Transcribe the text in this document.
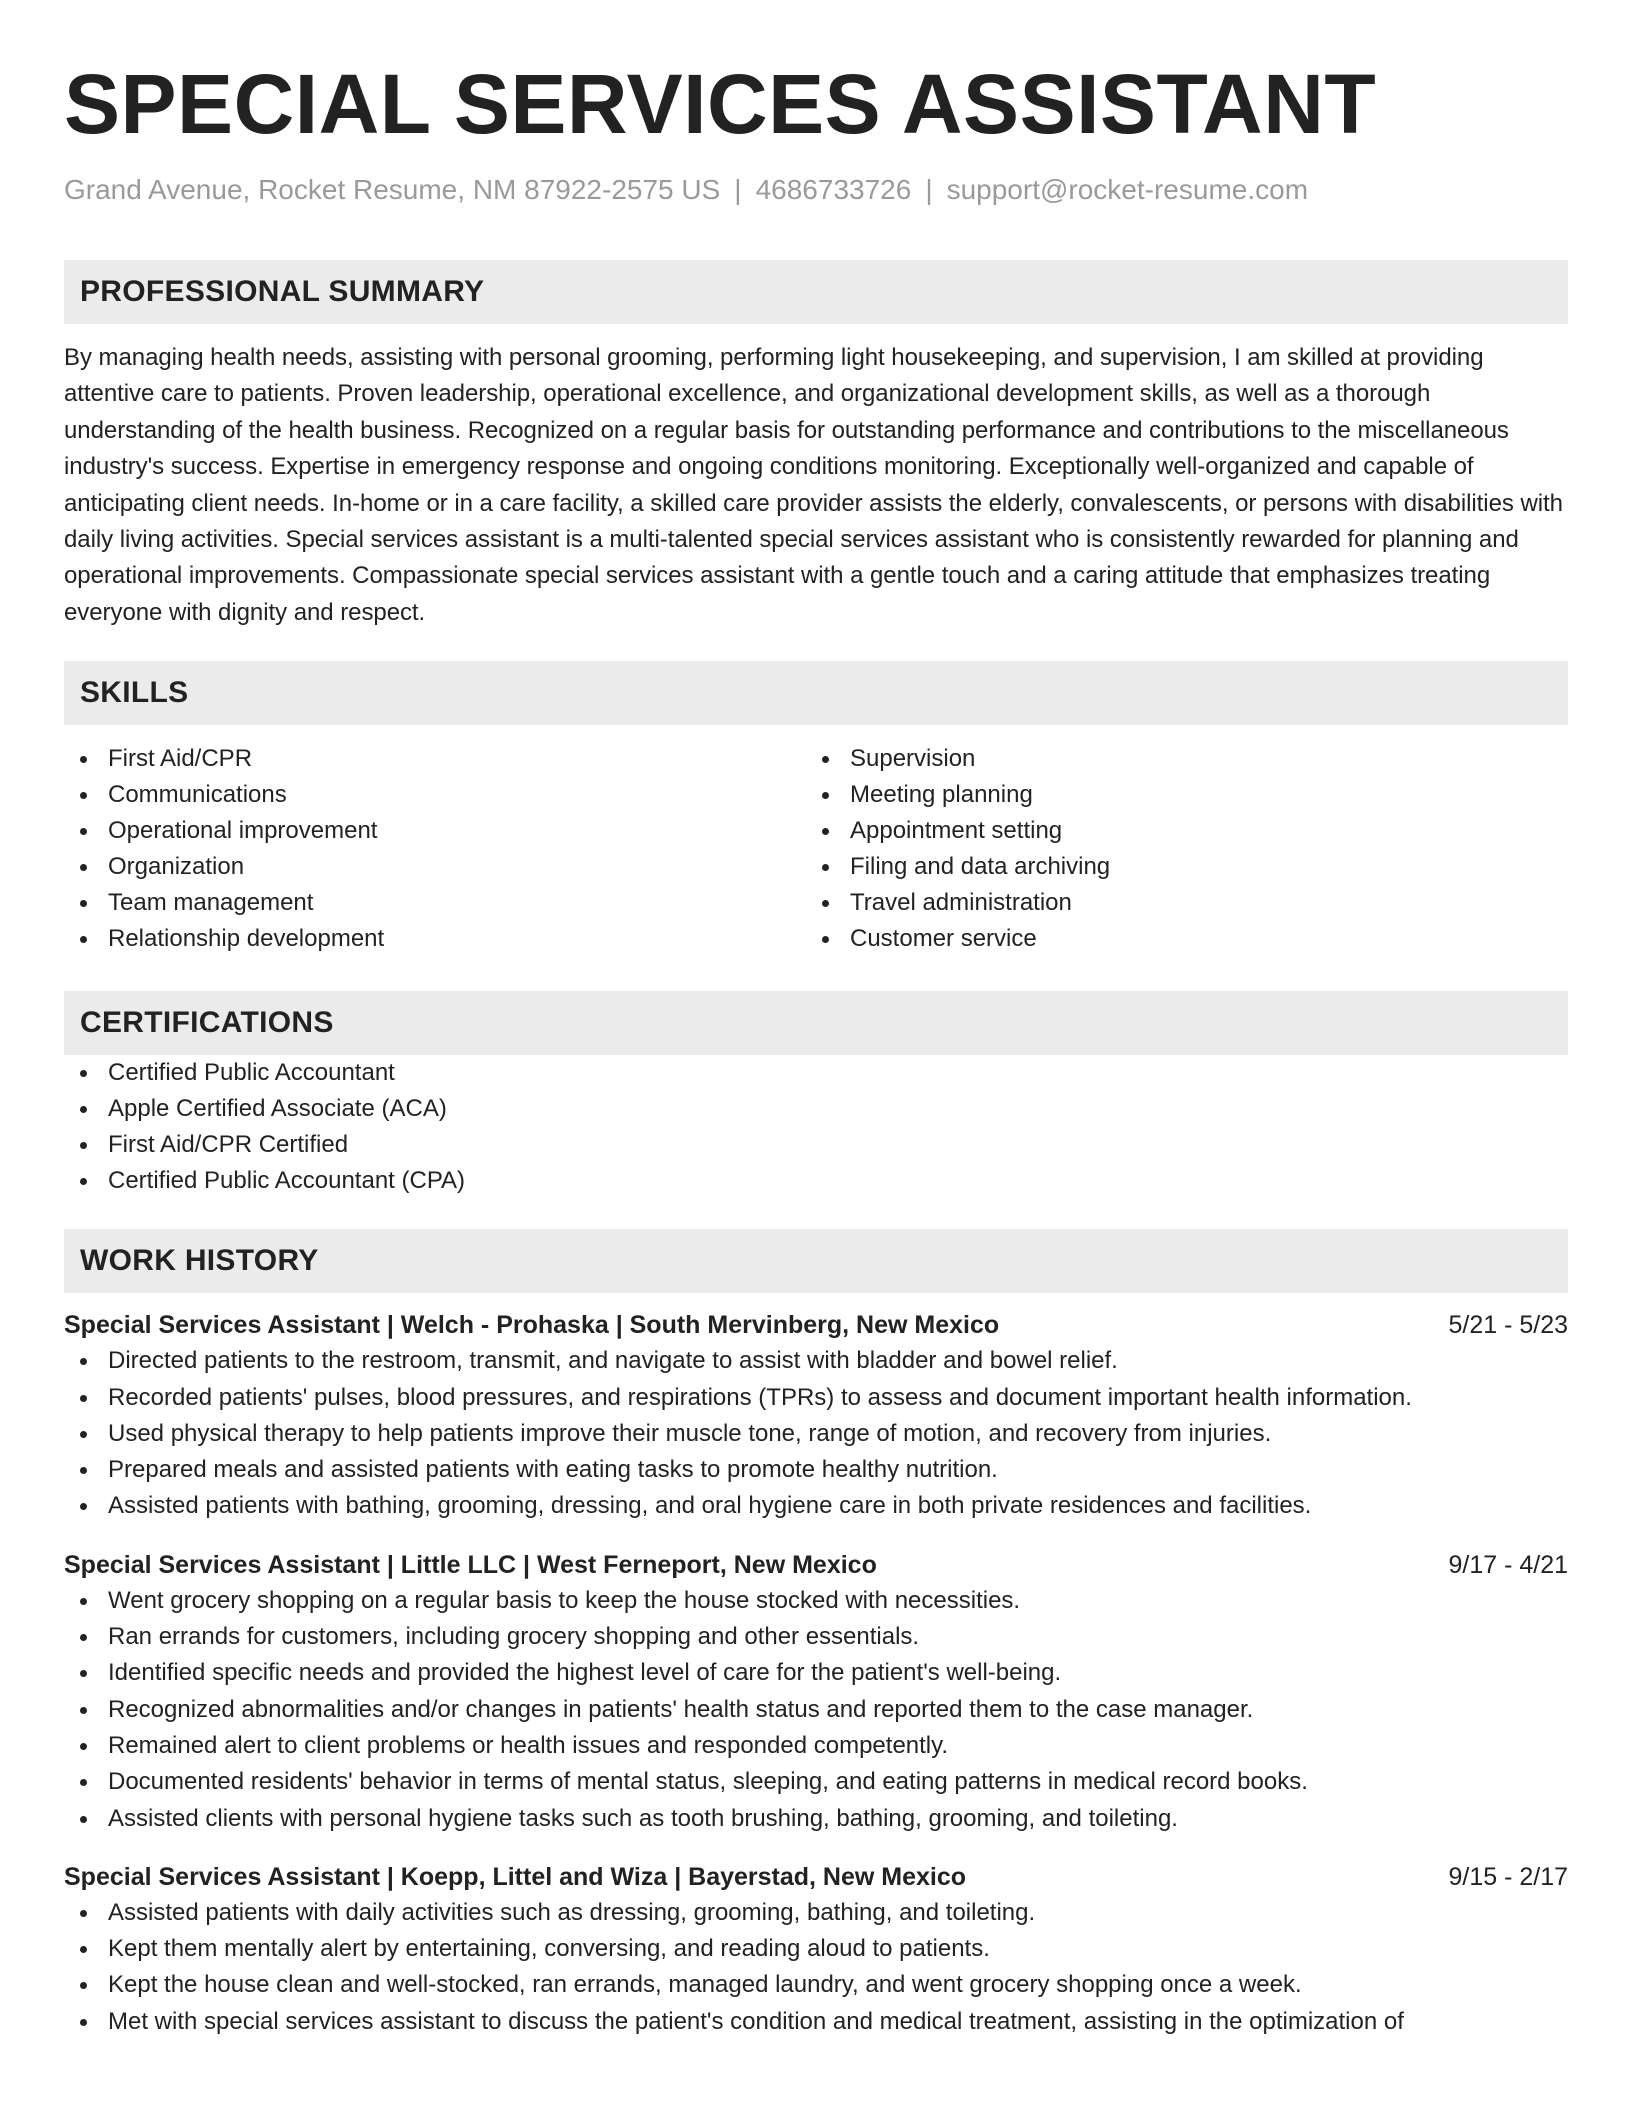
SPECIAL SERVICES ASSISTANT
Grand Avenue, Rocket Resume, NM 87922-2575 US | 4686733726 | support@rocket-resume.com
PROFESSIONAL SUMMARY

By managing health needs, assisting with personal grooming, performing light housekeeping, and supervision, I am skilled at providing attentive care to patients. Proven leadership, operational excellence, and organizational development skills, as well as a thorough understanding of the health business. Recognized on a regular basis for outstanding performance and contributions to the miscellaneous industry's success. Expertise in emergency response and ongoing conditions monitoring. Exceptionally well-organized and capable of anticipating client needs. In-home or in a care facility, a skilled care provider assists the elderly, convalescents, or persons with disabilities with daily living activities. Special services assistant is a multi-talented special services assistant who is consistently rewarded for planning and operational improvements. Compassionate special services assistant with a gentle touch and a caring attitude that emphasizes treating everyone with dignity and respect.

SKILLS
First Aid/CPR
Communications
Operational improvement
Organization
Team management
Relationship development
Supervision
Meeting planning
Appointment setting
Filing and data archiving
Travel administration
Customer service
CERTIFICATIONS
Certified Public Accountant
Apple Certified Associate (ACA)
First Aid/CPR Certified
Certified Public Accountant (CPA)
WORK HISTORY
Special Services Assistant | Welch - Prohaska | South Mervinberg, New Mexico	5/21 - 5/23
Directed patients to the restroom, transmit, and navigate to assist with bladder and bowel relief.
Recorded patients' pulses, blood pressures, and respirations (TPRs) to assess and document important health information.
Used physical therapy to help patients improve their muscle tone, range of motion, and recovery from injuries.
Prepared meals and assisted patients with eating tasks to promote healthy nutrition.
Assisted patients with bathing, grooming, dressing, and oral hygiene care in both private residences and facilities.
Special Services Assistant | Little LLC | West Ferneport, New Mexico	9/17 - 4/21
Went grocery shopping on a regular basis to keep the house stocked with necessities.
Ran errands for customers, including grocery shopping and other essentials.
Identified specific needs and provided the highest level of care for the patient's well-being.
Recognized abnormalities and/or changes in patients' health status and reported them to the case manager.
Remained alert to client problems or health issues and responded competently.
Documented residents' behavior in terms of mental status, sleeping, and eating patterns in medical record books.
Assisted clients with personal hygiene tasks such as tooth brushing, bathing, grooming, and toileting.
Special Services Assistant | Koepp, Littel and Wiza | Bayerstad, New Mexico	9/15 - 2/17
Assisted patients with daily activities such as dressing, grooming, bathing, and toileting.
Kept them mentally alert by entertaining, conversing, and reading aloud to patients.
Kept the house clean and well-stocked, ran errands, managed laundry, and went grocery shopping once a week.
Met with special services assistant to discuss the patient's condition and medical treatment, assisting in the optimization of
